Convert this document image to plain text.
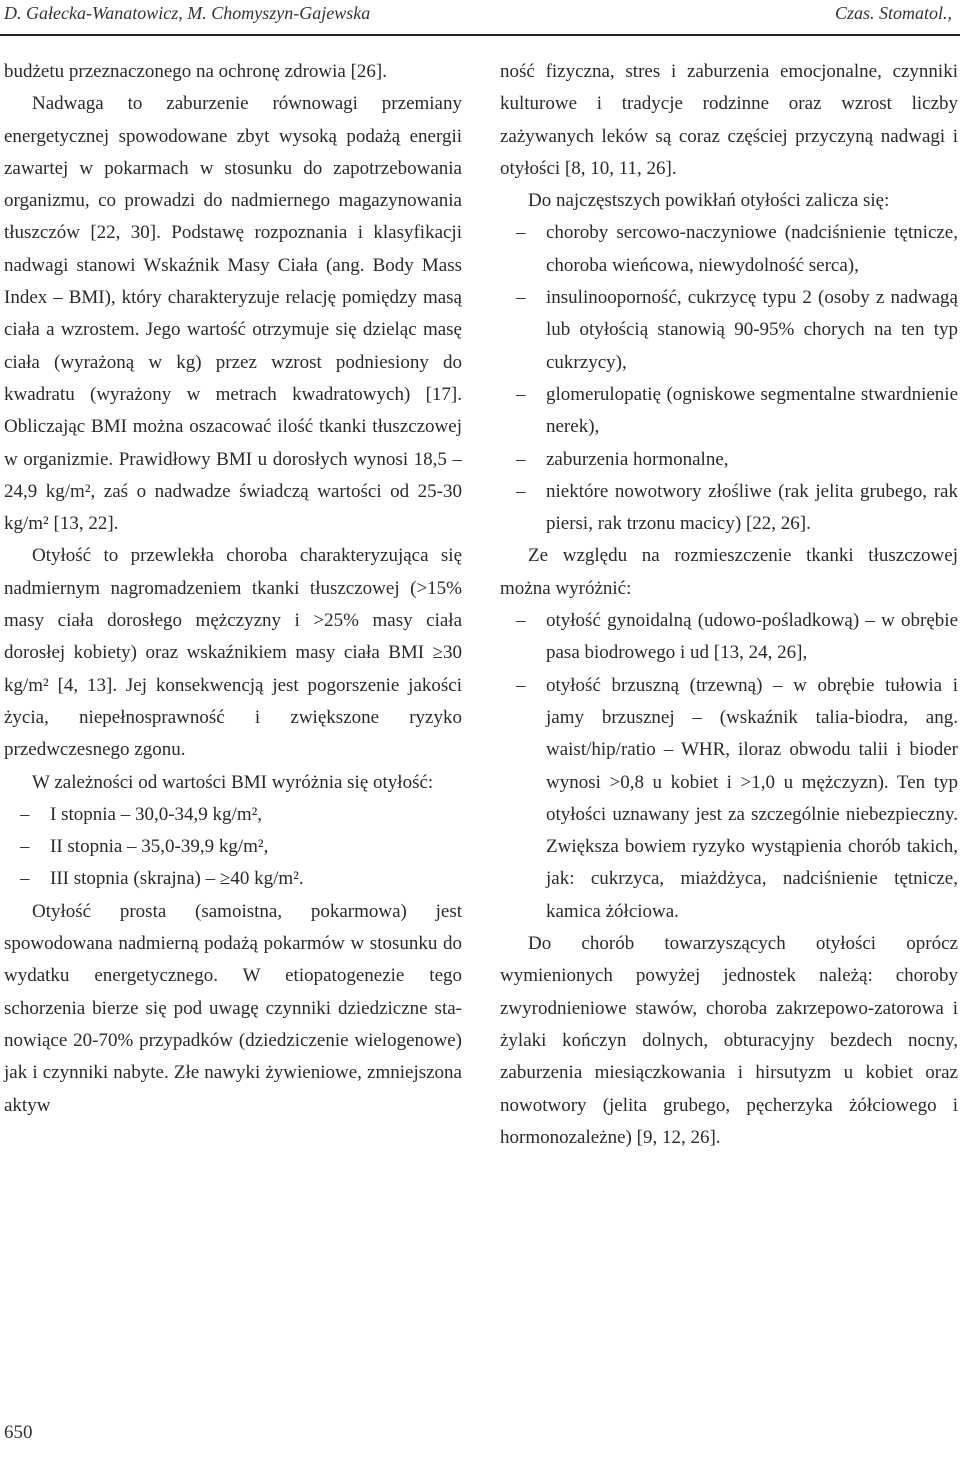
D. Gałecka-Wanatowicz, M. Chomyszyn-Gajewska	Czas. Stomatol.,

budżetu przeznaczonego na ochronę zdrowia [26].

Nadwaga to zaburzenie równowagi przemiany energetycznej spowodowane zbyt wysoką podażą energii zawartej w pokarmach w stosunku do zapotrzebowania organizmu, co prowadzi do nadmiernego magazynowania tłuszczów [22, 30]. Podstawę rozpoznania i klasyfikacji nadwagi stanowi Wskaźnik Masy Ciała (ang. Body Mass Index – BMI), który charakteryzuje relację pomiędzy masą ciała a wzrostem. Jego wartość otrzymuje się dzieląc masę ciała (wyrażoną w kg) przez wzrost podniesiony do kwadratu (wyrażony w metrach kwadratowych) [17]. Obliczając BMI można oszacować ilość tkanki tłuszczowej w organizmie. Prawidłowy BMI u dorosłych wynosi 18,5 – 24,9 kg/m², zaś o nadwadze świadczą wartości od 25-30 kg/m² [13, 22].

Otyłość to przewlekła choroba charakteryzująca się nadmiernym nagromadzeniem tkanki tłuszczowej (>15% masy ciała dorosłego mężczyzny i >25% masy ciała dorosłej kobiety) oraz wskaźnikiem masy ciała BMI ≥30 kg/m² [4, 13]. Jej konsekwencją jest pogorszenie jakości życia, niepełnosprawność i zwiększone ryzyko przedwczesnego zgonu.

W zależności od wartości BMI wyróżnia się otyłość:

– I stopnia – 30,0-34,9 kg/m²,
– II stopnia – 35,0-39,9 kg/m²,
– III stopnia (skrajna) – ≥40 kg/m².

Otyłość prosta (samoistna, pokarmowa) jest spowodowana nadmierną podażą pokarmów w stosunku do wydatku energetycznego. W etiopatogenezie tego schorzenia bierze się pod uwagę czynniki dziedziczne stanowiące 20-70% przypadków (dziedziczenie wielogenowe) jak i czynniki nabyte. Złe nawyki żywieniowe, zmniejszona aktyw

ność fizyczna, stres i zaburzenia emocjonalne, czynniki kulturowe i tradycje rodzinne oraz wzrost liczby zażywanych leków są coraz częściej przyczyną nadwagi i otyłości [8, 10, 11, 26].

Do najczęstszych powikłań otyłości zalicza się:

– choroby sercowo-naczyniowe (nadciśnienie tętnicze, choroba wieńcowa, niewydolność serca),
– insulinooporność, cukrzycę typu 2 (osoby z nadwagą lub otyłością stanowią 90-95% chorych na ten typ cukrzycy),
– glomerulopatię (ogniskowe segmentalne stwardnienie nerek),
– zaburzenia hormonalne,
– niektóre nowotwory złośliwe (rak jelita grubego, rak piersi, rak trzonu macicy) [22, 26].

Ze względu na rozmieszczenie tkanki tłuszczowej można wyróżnić:

– otyłość gynoidalną (udowo-pośladkową) – w obrębie pasa biodrowego i ud [13, 24, 26],
– otyłość brzuszną (trzewną) – w obrębie tułowia i jamy brzusznej – (wskaźnik talia-biodra, ang. waist/hip/ratio – WHR, iloraz obwodu talii i bioder wynosi >0,8 u kobiet i >1,0 u mężczyzn). Ten typ otyłości uznawany jest za szczególnie niebezpieczny. Zwiększa bowiem ryzyko wystąpienia chorób takich, jak: cukrzyca, miażdżyca, nadciśnienie tętnicze, kamica żółciowa.

Do chorób towarzyszących otyłości oprócz wymienionych powyżej jednostek należą: choroby zwyrodnieniowe stawów, choroba zakrzepowo-zatorowa i żylaki kończyn dolnych, obturacyjny bezdech nocny, zaburzenia miesiączkowania i hirsutyzm u kobiet oraz nowotwory (jelita grubego, pęcherzyka żółciowego i hormonozależne) [9, 12, 26].

650
